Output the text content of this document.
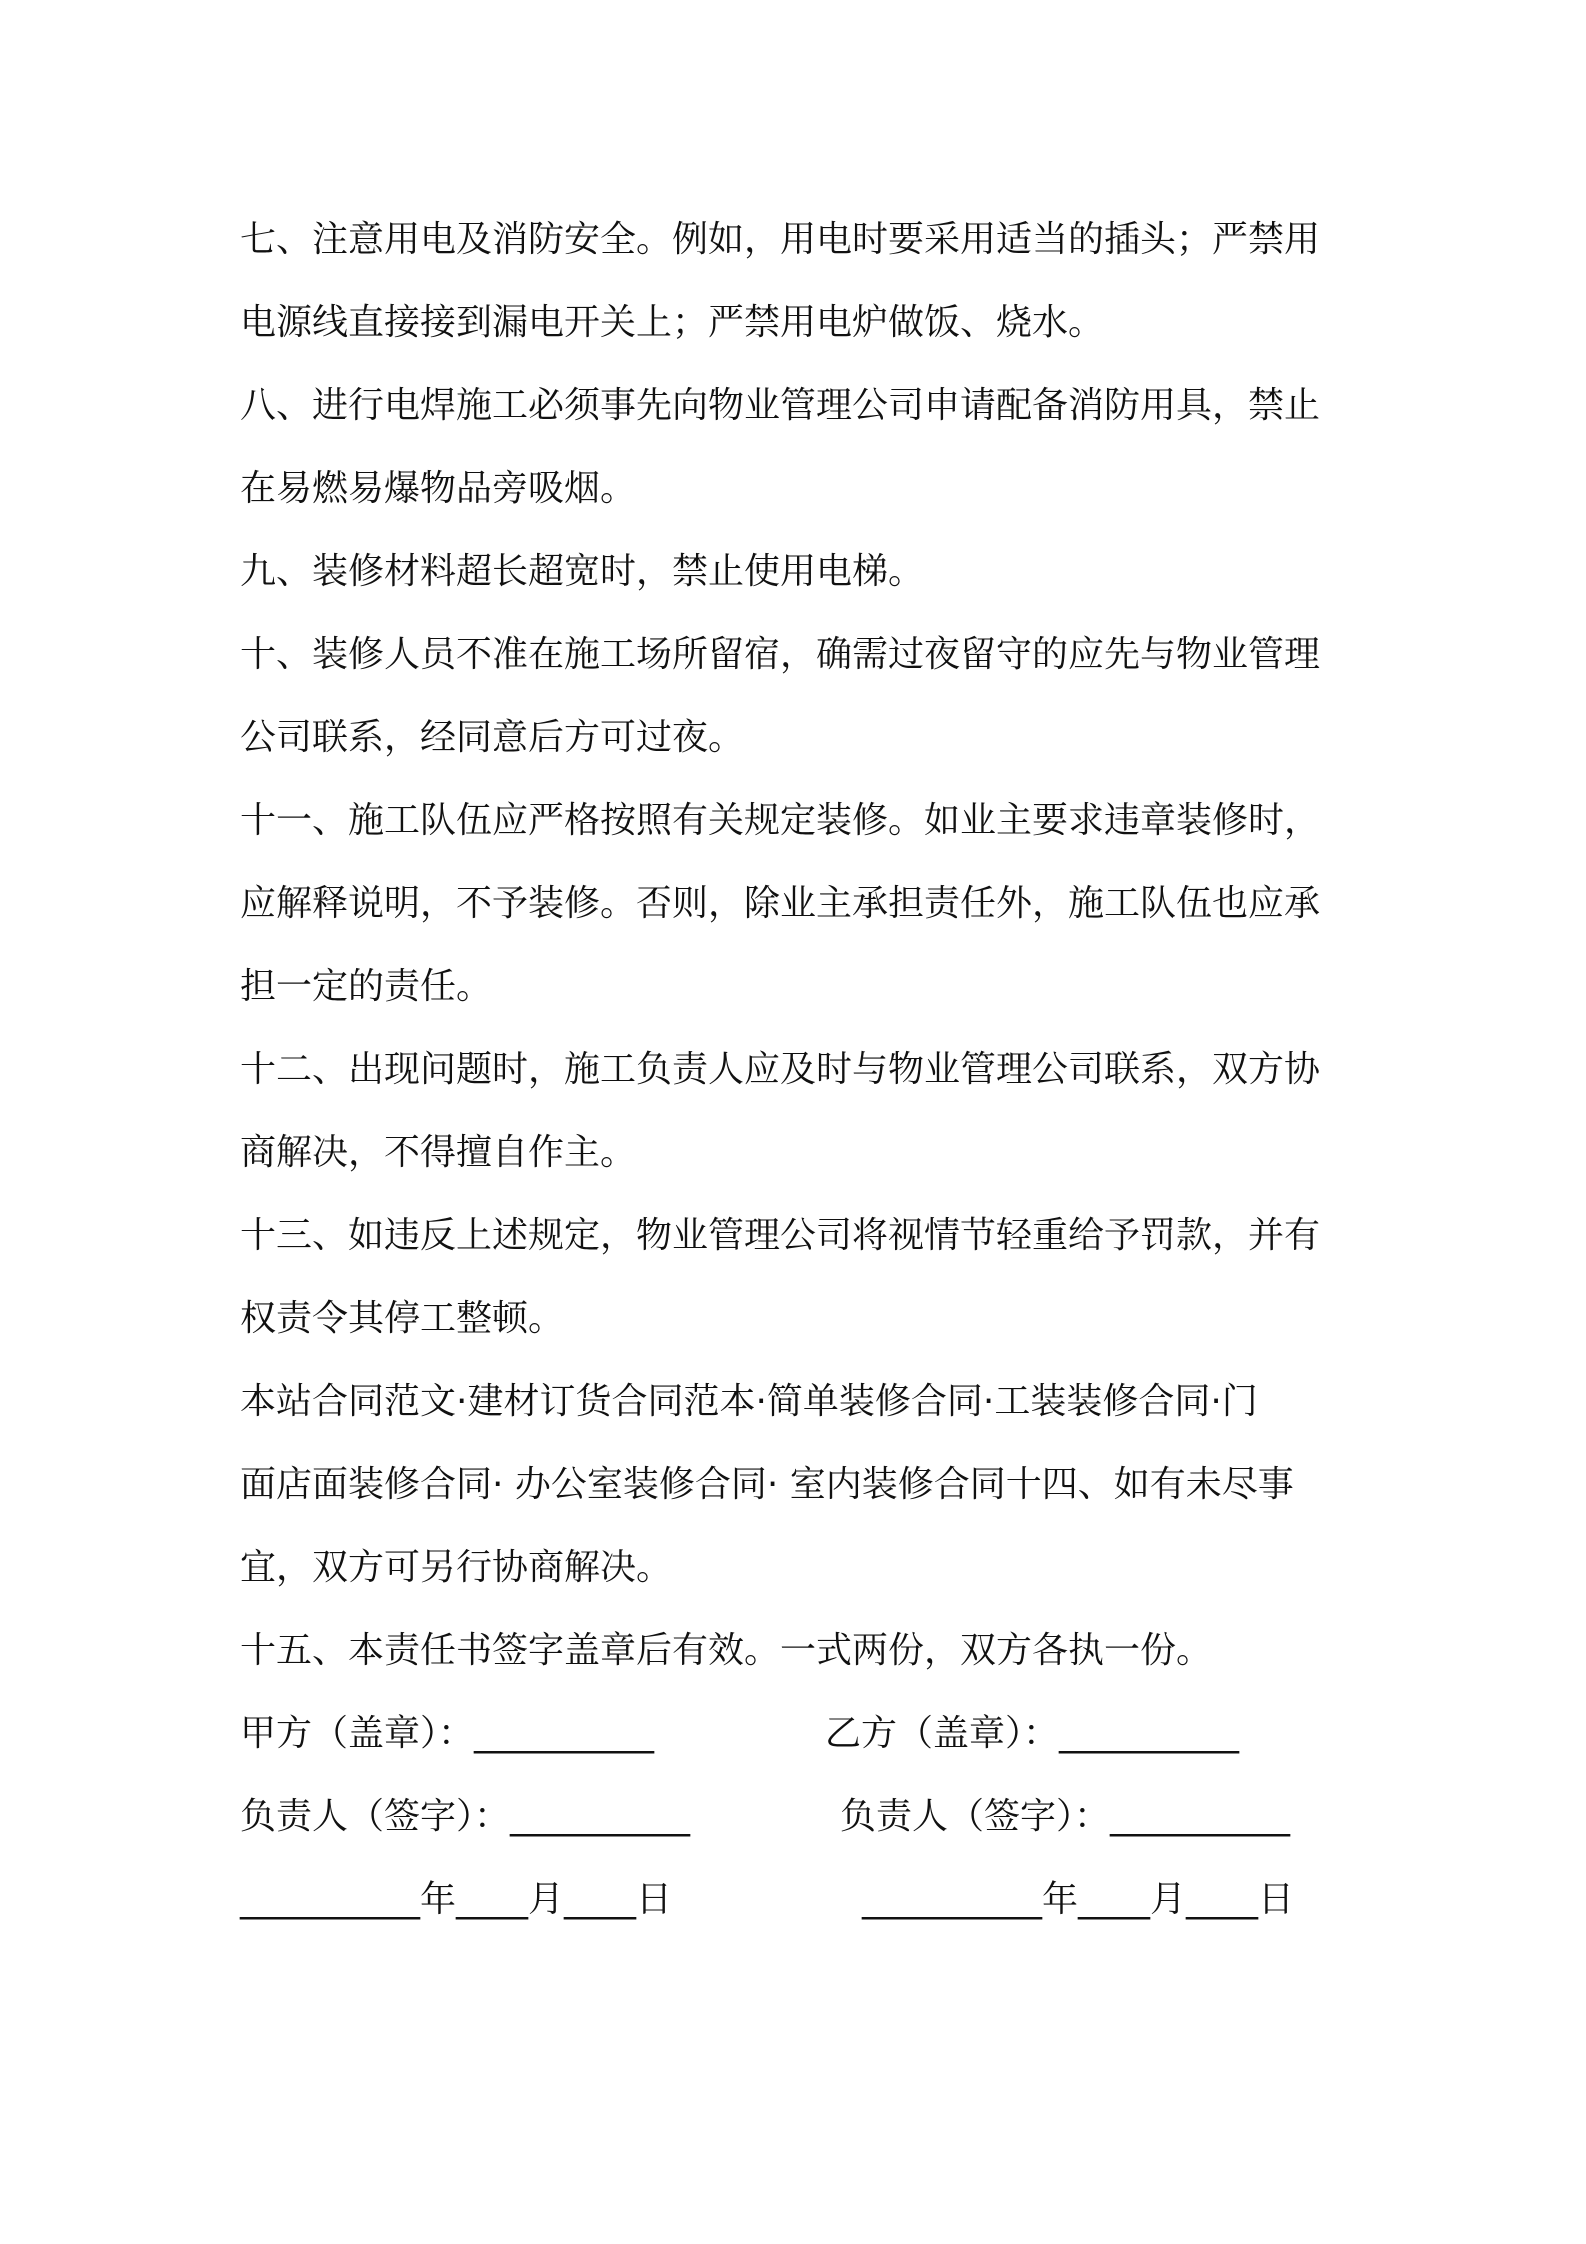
七、注意用电及消防安全。例如，用电时要采用适当的插头；严禁用
电源线直接接到漏电开关上；严禁用电炉做饭、烧水。
八、进行电焊施工必须事先向物业管理公司申请配备消防用具，禁止
在易燃易爆物品旁吸烟。
九、装修材料超长超宽时，禁止使用电梯。
十、装修人员不准在施工场所留宿，确需过夜留守的应先与物业管理
公司联系，经同意后方可过夜。
十一、施工队伍应严格按照有关规定装修。如业主要求违章装修时，
应解释说明，不予装修。否则，除业主承担责任外，施工队伍也应承
担一定的责任。
十二、出现问题时，施工负责人应及时与物业管理公司联系，双方协
商解决，不得擅自作主。
十三、如违反上述规定，物业管理公司将视情节轻重给予罚款，并有
权责令其停工整顿。
本站合同范文·建材订货合同范本·简单装修合同·工装装修合同·门
面店面装修合同· 办公室装修合同· 室内装修合同十四、如有未尽事
宜，双方可另行协商解决。
十五、本责任书签字盖章后有效。一式两份，双方各执一份。
甲方（盖章）：__________	乙方（盖章）：__________
负责人（签字）：__________	负责人（签字）：__________
__________年____月____日	__________年____月____日
